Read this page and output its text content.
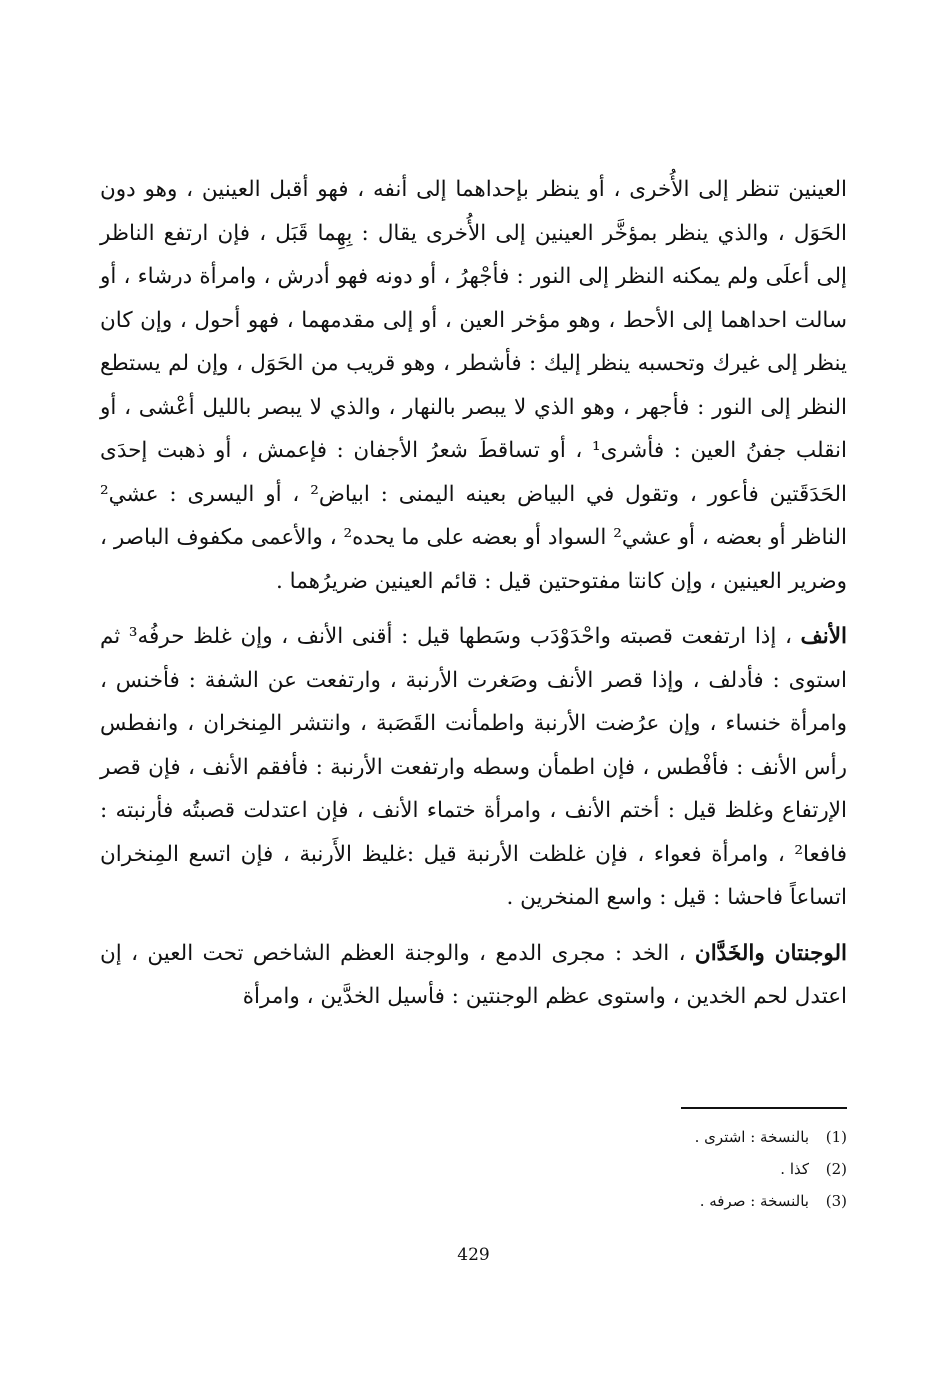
العينين تنظر إلى الأُخرى ، أو ينظر بإحداهما إلى أنفه ، فهو أقبل العينين ، وهو دون الحَوَل ، والذي ينظر بمؤخَّر العينين إلى الأُخرى يقال : بِهِما قَبَل ، فإن ارتفع الناظر إلى أعلَى ولم يمكنه النظر إلى النور : فأجْهرُ ، أو دونه فهو أدرش ، وامرأة درشاء ، أو سالت احداهما إلى الأحط ، وهو مؤخر العين ، أو إلى مقدمهما ، فهو أحول ، وإن كان ينظر إلى غيرك وتحسبه ينظر إليك : فأشطر ، وهو قريب من الحَوَل ، وإن لم يستطع النظر إلى النور : فأجهر ، وهو الذي لا يبصر بالنهار ، والذي لا يبصر بالليل أعْشى ، أو انقلب جفنُ العين : فأشرى¹ ، أو تساقطَ شعرُ الأجفان : فإعمش ، أو ذهبت إحدَى الحَدَقَتين فأعور ، وتقول في البياض بعينه اليمنى : ابياض² ، أو اليسرى : عشي² الناظر أو بعضه ، أو عشي² السواد أو بعضه على ما يحده² ، والأعمى مكفوف الباصر ، وضرير العينين ، وإن كانتا مفتوحتين قيل : قائم العينين ضريرُهما .

الأنف ، إذا ارتفعت قصبته واحْدَوْدَب وسَطها قيل : أقنى الأنف ، وإن غلظ حرفُه³ ثم استوى : فأدلف ، وإذا قصر الأنف وصَغرت الأرنبة ، وارتفعت عن الشفة : فأخنس ، وامرأة خنساء ، وإن عرُضت الأرنبة واطمأنت القَصَبة ، وانتشر المِنخران ، وانفطس رأس الأنف : فأفْطس ، فإن اطمأن وسطه وارتفعت الأرنبة : فأفقم الأنف ، فإن قصر الإرتفاع وغلظ قيل : أختم الأنف ، وامرأة ختماء الأنف ، فإن اعتدلت قصبتُه فأرنبته : فافعا² ، وامرأة فعواء ، فإن غلظت الأرنبة قيل :غليظ الأَرنبة ، فإن اتسع المِنخران اتساعاً فاحشا : قيل : واسع المنخرين .

الوجنتان والخَدَّان ، الخد : مجرى الدمع ، والوجنة العظم الشاخص تحت العين ، إن اعتدل لحم الخدين ، واستوى عظم الوجنتين : فأسيل الخدَّين ، وامرأة

(1)
بالنسخة : اشترى .
(2)
كذا .
(3)
بالنسخة : صرفه .
429
